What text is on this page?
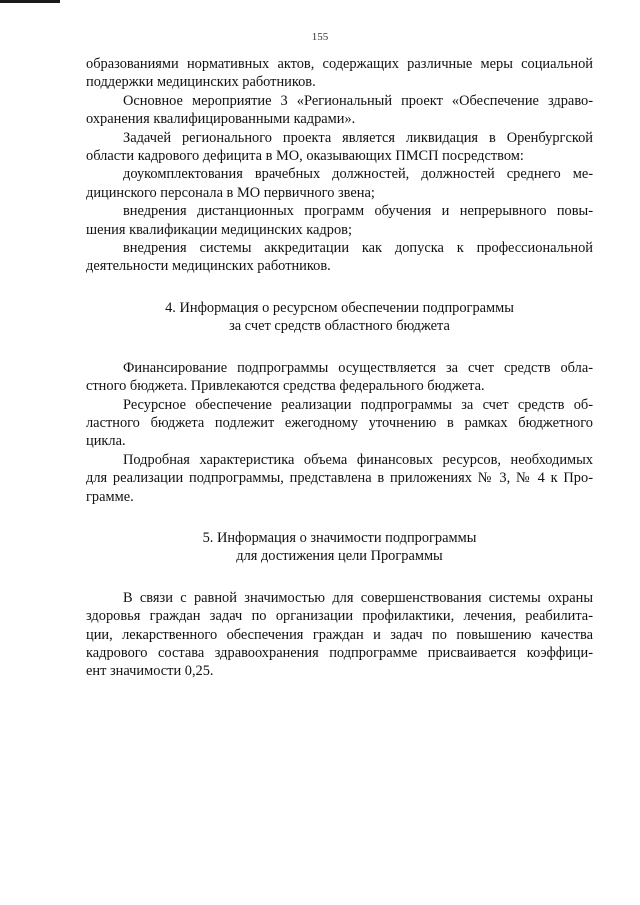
155
образованиями нормативных актов, содержащих различные меры социальной
поддержки медицинских работников.
Основное мероприятие 3 «Региональный проект «Обеспечение здраво-
охранения квалифицированными кадрами».
Задачей регионального проекта является ликвидация в Оренбургской
области кадрового дефицита в МО, оказывающих ПМСП посредством:
доукомплектования врачебных должностей, должностей среднего ме-
дицинского персонала в МО первичного звена;
внедрения дистанционных программ обучения и непрерывного повы-
шения квалификации медицинских кадров;
внедрения системы аккредитации как допуска к профессиональной
деятельности медицинских работников.
4. Информация о ресурсном обеспечении подпрограммы
за счет средств областного бюджета
Финансирование подпрограммы осуществляется за счет средств обла-
стного бюджета. Привлекаются средства федерального бюджета.
Ресурсное обеспечение реализации подпрограммы за счет средств об-
ластного бюджета подлежит ежегодному уточнению в рамках бюджетного
цикла.
Подробная характеристика объема финансовых ресурсов, необходимых
для реализации подпрограммы, представлена в приложениях № 3, № 4 к Про-
грамме.
5. Информация о значимости подпрограммы
для достижения цели Программы
В связи с равной значимостью для совершенствования системы охраны
здоровья граждан задач по организации профилактики, лечения, реабилита-
ции, лекарственного обеспечения граждан и задач по повышению качества
кадрового состава здравоохранения подпрограмме присваивается коэффици-
ент значимости 0,25.
